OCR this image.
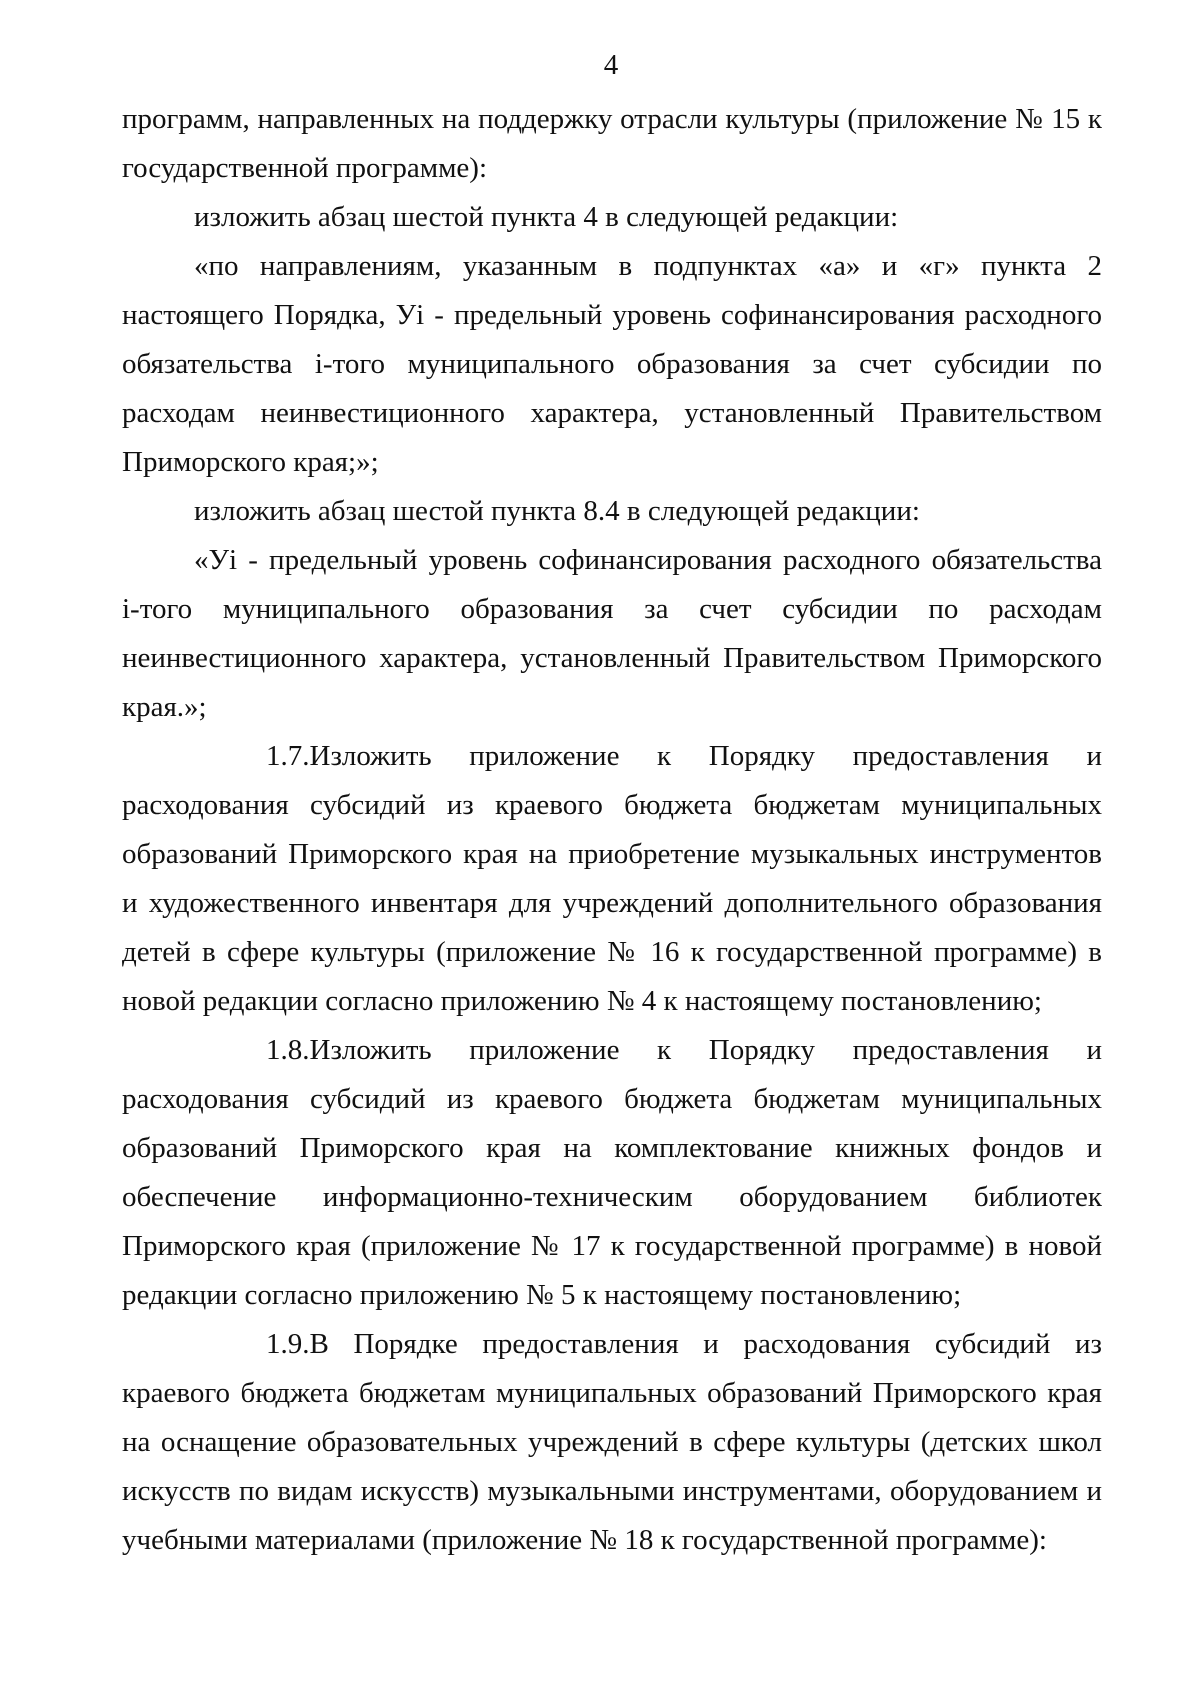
4

программ, направленных на поддержку отрасли культуры (приложение № 15 к государственной программе):

изложить абзац шестой пункта 4 в следующей редакции:

«по направлениям, указанным в подпунктах «а» и «г» пункта 2 настоящего Порядка, Уi - предельный уровень софинансирования расходного обязательства i-того муниципального образования за счет субсидии по расходам неинвестиционного характера, установленный Правительством Приморского края;»;

изложить абзац шестой пункта 8.4 в следующей редакции:

«Уi - предельный уровень софинансирования расходного обязательства i-того муниципального образования за счет субсидии по расходам неинвестиционного характера, установленный Правительством Приморского края.»;

1.7.Изложить приложение к Порядку предоставления и расходования субсидий из краевого бюджета бюджетам муниципальных образований Приморского края на приобретение музыкальных инструментов и художественного инвентаря для учреждений дополнительного образования детей в сфере культуры (приложение № 16 к государственной программе) в новой редакции согласно приложению № 4 к настоящему постановлению;

1.8.Изложить приложение к Порядку предоставления и расходования субсидий из краевого бюджета бюджетам муниципальных образований Приморского края на комплектование книжных фондов и обеспечение информационно-техническим оборудованием библиотек Приморского края (приложение № 17 к государственной программе) в новой редакции согласно приложению № 5 к настоящему постановлению;

1.9.В Порядке предоставления и расходования субсидий из краевого бюджета бюджетам муниципальных образований Приморского края на оснащение образовательных учреждений в сфере культуры (детских школ искусств по видам искусств) музыкальными инструментами, оборудованием и учебными материалами (приложение № 18 к государственной программе):
